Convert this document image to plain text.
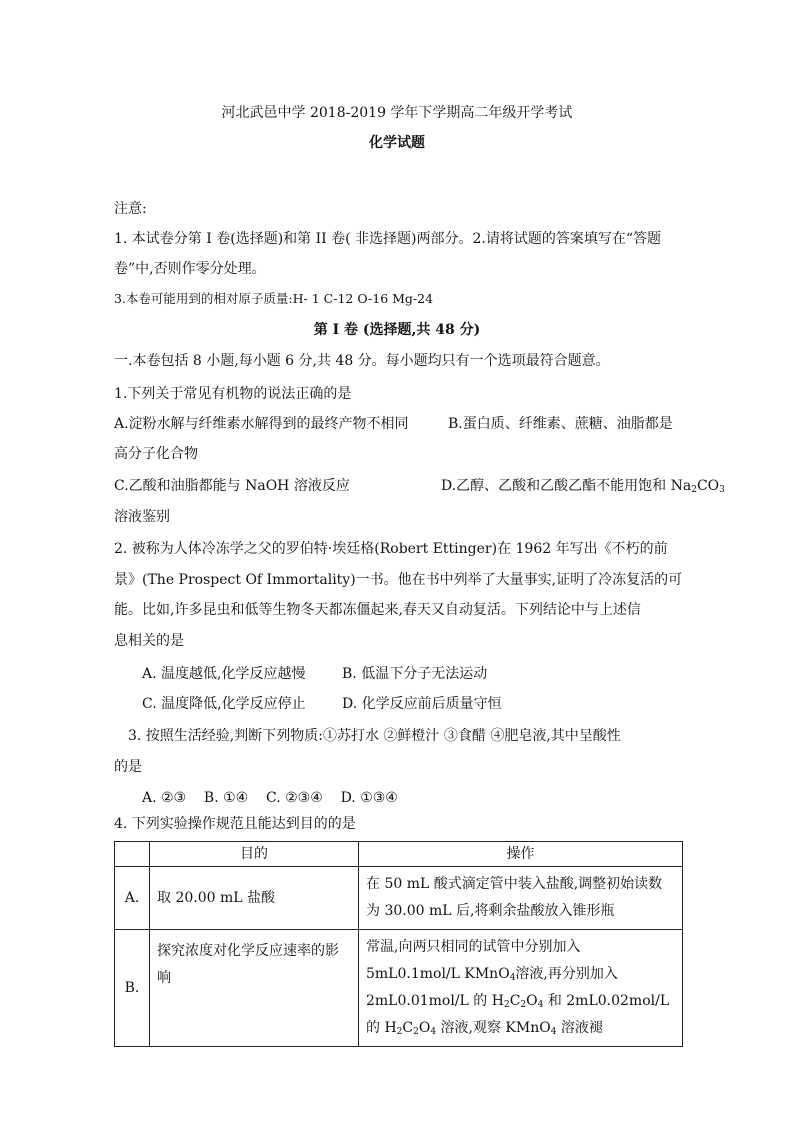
河北武邑中学 2018-2019 学年下学期高二年级开学考试
化学试题
注意:
1. 本试卷分第 I 卷(选择题)和第 II 卷( 非选择题)两部分。2.请将试题的答案填写在“答题
卷”中,否则作零分处理。
3.本卷可能用到的相对原子质量:H- 1 C-12 O-16 Mg-24
第 I 卷 (选择题,共 48 分)
一.本卷包括 8 小题,每小题 6 分,共 48 分。每小题均只有一个选项最符合题意。
1.下列关于常见有机物的说法正确的是
A.淀粉水解与纤维素水解得到的最终产物不相同	B.蛋白质、纤维素、蔗糖、油脂都是
高分子化合物
C.乙酸和油脂都能与 NaOH 溶液反应	D.乙醇、乙酸和乙酸乙酯不能用饱和 $Na_2CO_3$
溶液鉴别
2. 被称为人体冷冻学之父的罗伯特·埃廷格(Robert Ettinger)在 1962 年写出《不朽的前
景》(The Prospect Of Immortality)一书。他在书中列举了大量事实,证明了冷冻复活的可
能。比如,许多昆虫和低等生物冬天都冻僵起来,春天又自动复活。下列结论中与上述信
息相关的是
A. 温度越低,化学反应越慢	B. 低温下分子无法运动
C. 温度降低,化学反应停止	D. 化学反应前后质量守恒
3. 按照生活经验,判断下列物质:①苏打水 ②鲜橙汁 ③食醋 ④肥皂液,其中呈酸性
的是
A. ②③    B. ①④    C. ②③④    D. ①③④
4. 下列实验操作规范且能达到目的的是
	目的	操作
A.	取 20.00 mL 盐酸	在 50 mL 酸式滴定管中装入盐酸,调整初始读数为 30.00 mL 后,将剩余盐酸放入锥形瓶
B.	探究浓度对化学反应速率的影响	常温,向两只相同的试管中分别加入 5mL0.1mol/L KMnO$_4$溶液,再分别加入 2mL0.01mol/L 的 $H_2C_2O_4$ 和 2mL0.02mol/L 的 $H_2C_2O_4$ 溶液,观察 KMnO$_4$ 溶液褪
